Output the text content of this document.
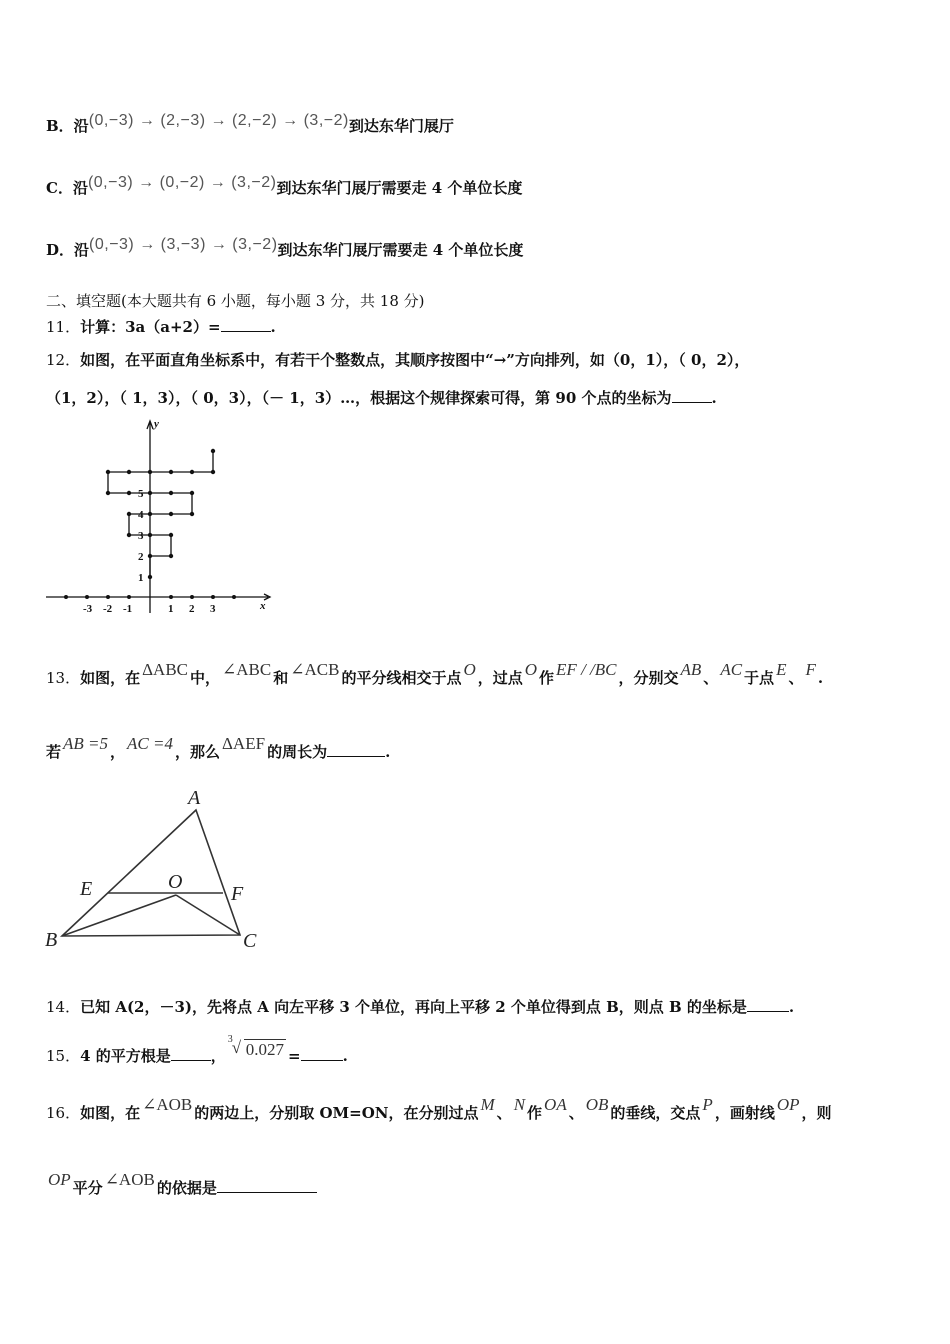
B．沿(0,−3) → (2,−3) → (2,−2) → (3,−2)到达东华门展厅
C．沿(0,−3) → (0,−2) → (3,−2)到达东华门展厅需要走 4 个单位长度
D．沿(0,−3) → (3,−3) → (3,−2)到达东华门展厅需要走 4 个单位长度
二、填空题(本大题共有 6 小题，每小题 3 分，共 18 分)
11．计算：3a（a+2）=	.
12．如图，在平面直角坐标系中，有若干个整数点，其顺序按图中“→”方向排列，如（0，1），（ 0，2），
（1，2），（ 1，3），（ 0，3），（－ 1，3）…，根据这个规律探索可得，第 90 个点的坐标为	.
x
y
-3 -2 -1	1 2 3
1
2
3
4
5
13．如图，在 ΔABC 中， ∠ABC 和 ∠ACB 的平分线相交于点 O ，过点 O 作 EF / /BC ，分别交 AB 、 AC 于点 E 、 F .
若 AB =5 ， AC =4 ，那么 ΔAEF 的周长为	.
A
B	C
E	F
O
14．已知 A(2，－3)，先将点 A 向左平移 3 个单位，再向上平移 2 个单位得到点 B，则点 B 的坐标是	.
15．4 的平方根是	，
3 √ 0.027 =	.
16．如图，在 ∠AOB 的两边上，分别取 OM=ON，在分别过点 M 、 N 作 OA 、 OB 的垂线，交点 P ，画射线 OP ，则
OP 平分 ∠AOB 的依据是
